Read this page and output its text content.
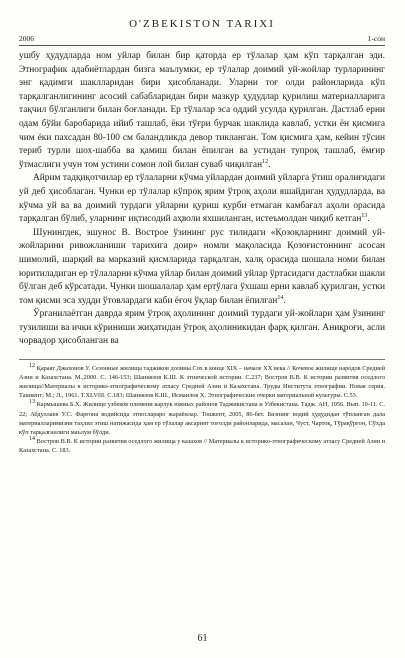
O'ZBEKISTON TARIXI
2006	1-сон

ушбу ҳудудларда ном уйлар билан бир қаторда ер тўлалар ҳам кўп тарқалган эди. Этнографик адабиётлардан бизга маълумки, ер тўлалар доимий уй-жойлар турларининг энг қадимги шаклларидан бири ҳисобланади. Уларни тоғ олди районларида кўп тарқалганлигининг асосий сабабларидан бири мазкур ҳудудлар қурилиш материалларига тақчил бўлганлиги билан боғланади. Ер тўлалар эса оддий усулда қурилган. Дастлаб ерни одам бўйи баробарида ийиб ташлаб, ёки тўғри бурчак шаклида кавлаб, устки ён қисмига чим ёки пахсадан 80-100 см баландликда девор тикланган. Том қисмига ҳам, кейин тўсин териб турли шох-шабба ва қамиш билан ёпилган ва устидан тупроқ ташлаб, ёмғир ўтмаслиги учун том устини сомон лой билан суваб чиқилган$^{12}$.

Айрим тадқиқотчилар ер тўлаларни кўчма уйлардан доимий уйларга ўтиш оралиғидаги уй деб ҳисоблаган. Чунки ер тўлалар кўпроқ ярим ўтроқ аҳоли яшайдиган ҳудудларда, ва кўчма уй ва ва доимий турдаги уйларни қуриш курби етмаган камбағал аҳоли орасида тарқалган бўлиб, уларнинг иқтисодий аҳволи яхшиланган, истеъмолдан чиқиб кетган$^{13}$.

Шунингдек, эшунос В. Вострое ўзининг рус тилидаги «Қозоқларнинг доимий уй-жойларини ривожланиши тарихига доир» номли мақоласида Қозоғистоннинг асосан шимолий, шарқий ва марказий қисмларида тарқалган, халқ орасида шошала номи билан юритиладиган ер тўлаларни кўчма уйлар билан доимий уйлар ўртасидаги дастлабки шакли бўлган деб кўрсатади. Чунки шошалалар ҳам ертўлага ўхшаш ерни кавлаб қурилган, устки том қисми эса худди ўтовлардаги каби ёғоч ўқлар билан ёпилган$^{14}$.

Ўрганилаётган даврда ярим ўтроқ аҳолининг доимий турдаги уй-жойлари ҳам ўзининг тузилиши ва ички кўриниши жиҳатидан ўтроқ аҳолиникидан фарқ қилган. Аниқроғи, асли чорвадор ҳисобланган ва

$^{12}$ Қараяг Джахонов У. Сезонные жилища таджиков долины Сох в конце XIX – начале XX века // Кочевое жилище народов Средней Азии и Казахстана. М.,2000. С. 146-153; Шаниязов К.Ш. К этнической истории. С.237; Востров В.В. К истории развития оседлого жилища//Материалы к историко-этнографическому атласу Средней Азии и Казахстана. Труды Института этнографии. Новая серия. Ташкент; М.; Л., 1961. Т.XLVIII. С.183; Шаниязов К.Ш., Исмаилов Х. Этнографические очерки материальной культуры. С.53.

$^{13}$ Кармышева Б.Х. Жилище узбеков племени карлук южных районов Таджикистана и Узбекистана. Тадж. АН, 1956. Вып. 10-11. С. 22; Абдуллаев У.С. Фарғона водийсида этнослараро жараёнлар. Тошкент, 2005, 86-бет. Бизнинг водий ҳудудидан тўпланган дала материалларимизни таҳлил этиш натижасида ҳам ер тўлалар аксарият тоғолди районларида, масалан, Чуст, Чартоқ, Тўрақўрғон, Сўхда кўп тарқалганлиги маълум бўлди.

$^{14}$ Востров В.В. К истории развития оседлого жилища у казахов // Материалы к историко-этнографическому атласу Средней Азии и Казахстана. С. 183.

61
